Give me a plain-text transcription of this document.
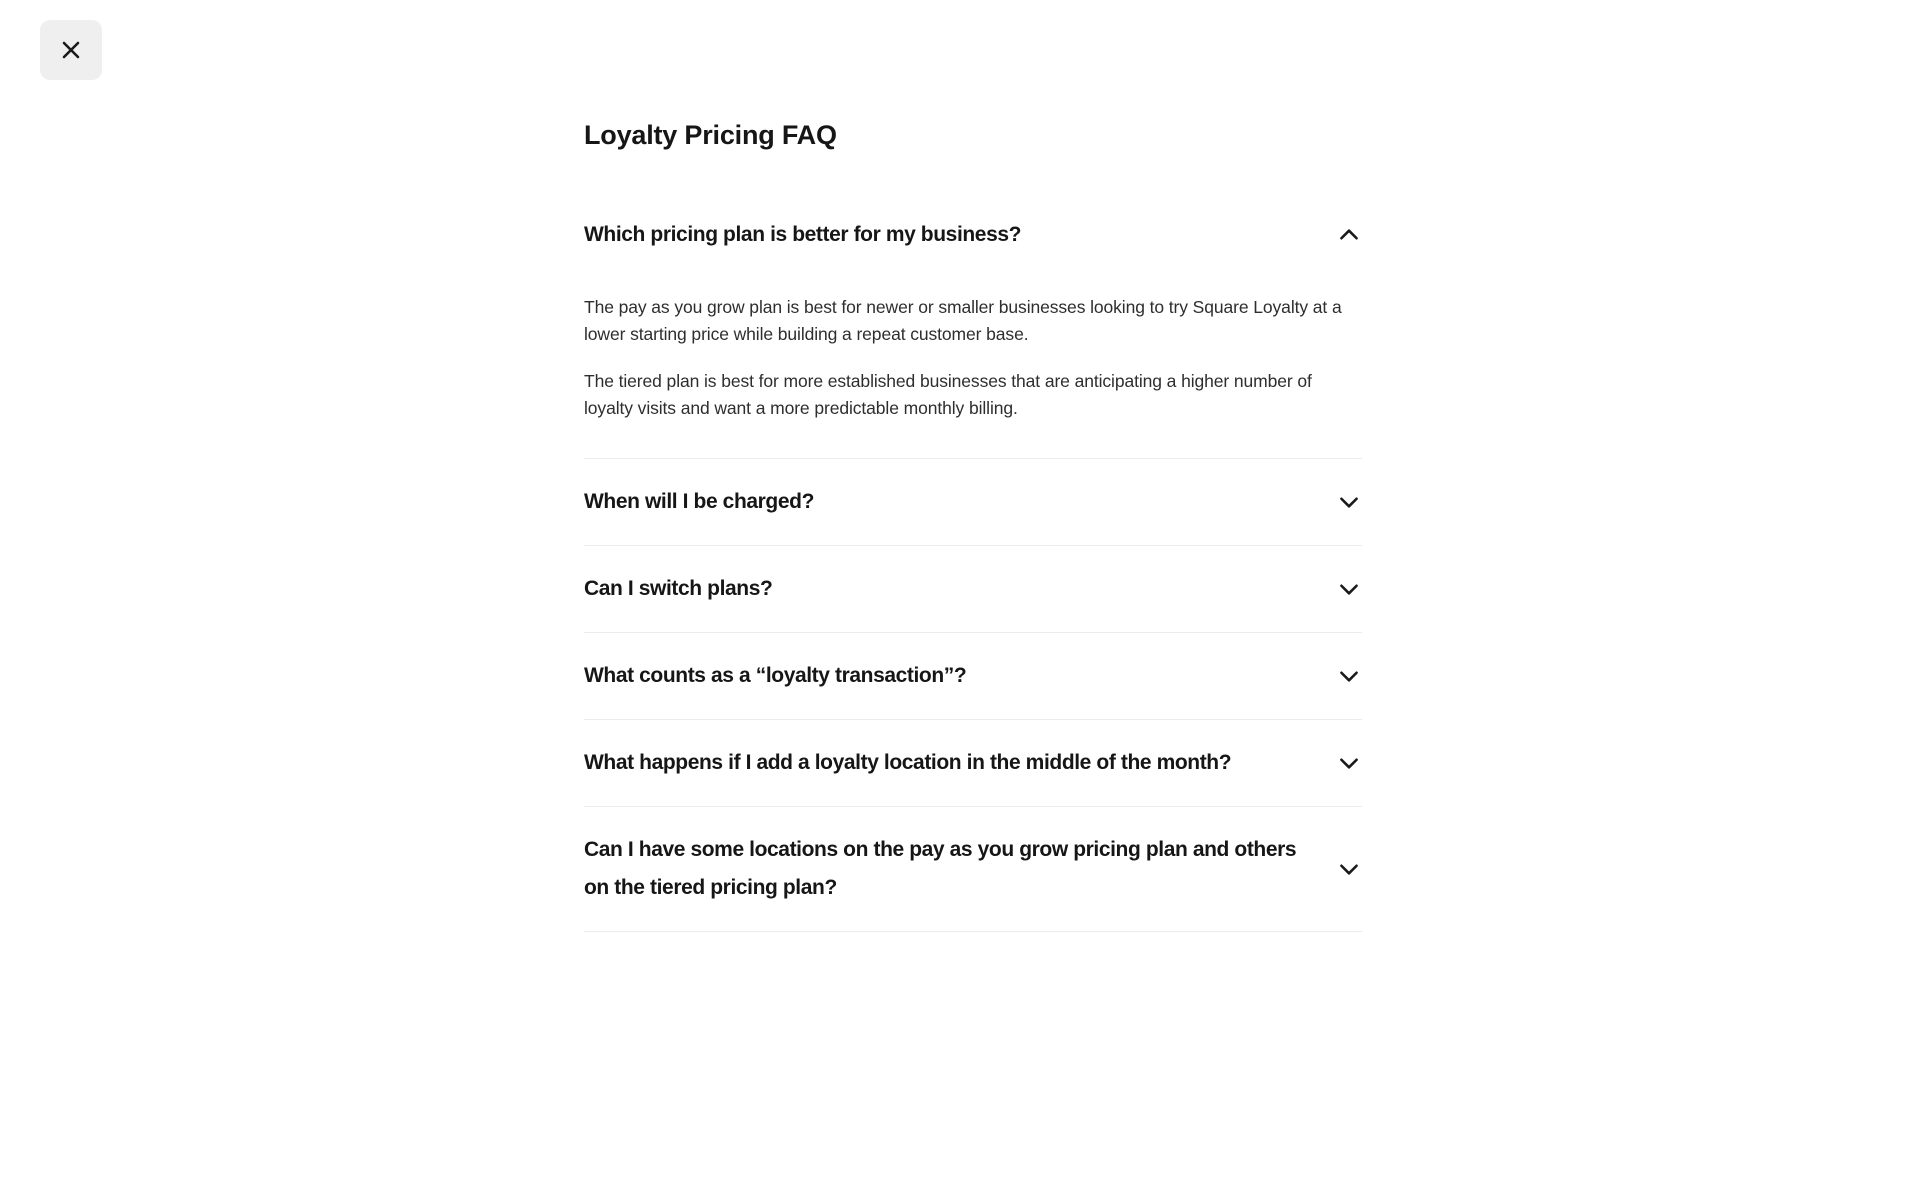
Loyalty Pricing FAQ
Which pricing plan is better for my business?

The pay as you grow plan is best for newer or smaller businesses looking to try Square Loyalty at a lower starting price while building a repeat customer base.

The tiered plan is best for more established businesses that are anticipating a higher number of loyalty visits and want a more predictable monthly billing.

When will I be charged?
Can I switch plans?
What counts as a “loyalty transaction”?
What happens if I add a loyalty location in the middle of the month?
Can I have some locations on the pay as you grow pricing plan and others on the tiered pricing plan?
